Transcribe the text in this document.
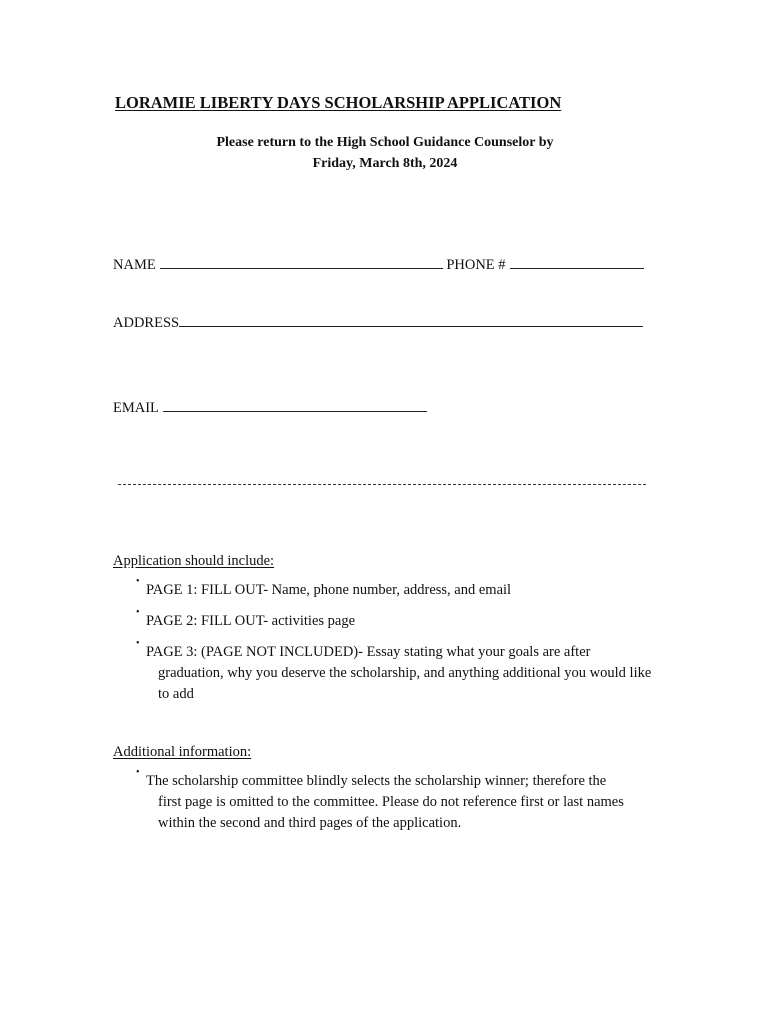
LORAMIE LIBERTY DAYS SCHOLARSHIP APPLICATION
Please return to the High School Guidance Counselor by
Friday, March 8th, 2024
NAME	PHONE #
ADDRESS
EMAIL
Application should include:
•
PAGE 1: FILL OUT- Name, phone number, address, and email
•
PAGE 2: FILL OUT- activities page
•
PAGE 3: (PAGE NOT INCLUDED)- Essay stating what your goals are after
graduation, why you deserve the scholarship, and anything additional you would like to add
Additional information:
•
The scholarship committee blindly selects the scholarship winner; therefore the
first page is omitted to the committee. Please do not reference first or last names within the second and third pages of the application.
